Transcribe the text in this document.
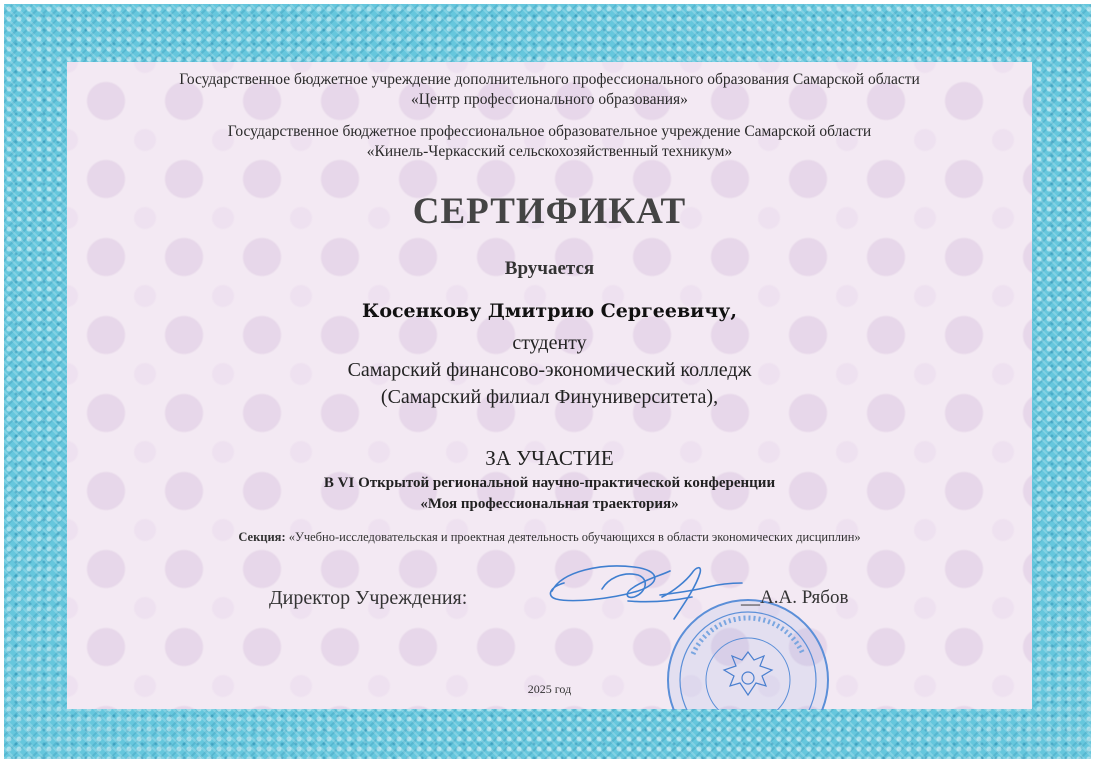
Государственное бюджетное учреждение дополнительного профессионального образования Самарской области
«Центр профессионального образования»
Государственное бюджетное профессиональное образовательное учреждение Самарской области
«Кинель-Черкасский сельскохозяйственный техникум»
СЕРТИФИКАТ
Вручается
Косенкову Дмитрию Сергеевичу,
студенту
Самарский финансово-экономический колледж
(Самарский филиал Финуниверситета),
ЗА УЧАСТИЕ
В VI Открытой региональной научно-практической конференции
«Моя профессиональная траектория»
Секция: «Учебно-исследовательская и проектная деятельность обучающихся в области экономических дисциплин»
Директор Учреждения:	__А.А. Рябов
2025 год
